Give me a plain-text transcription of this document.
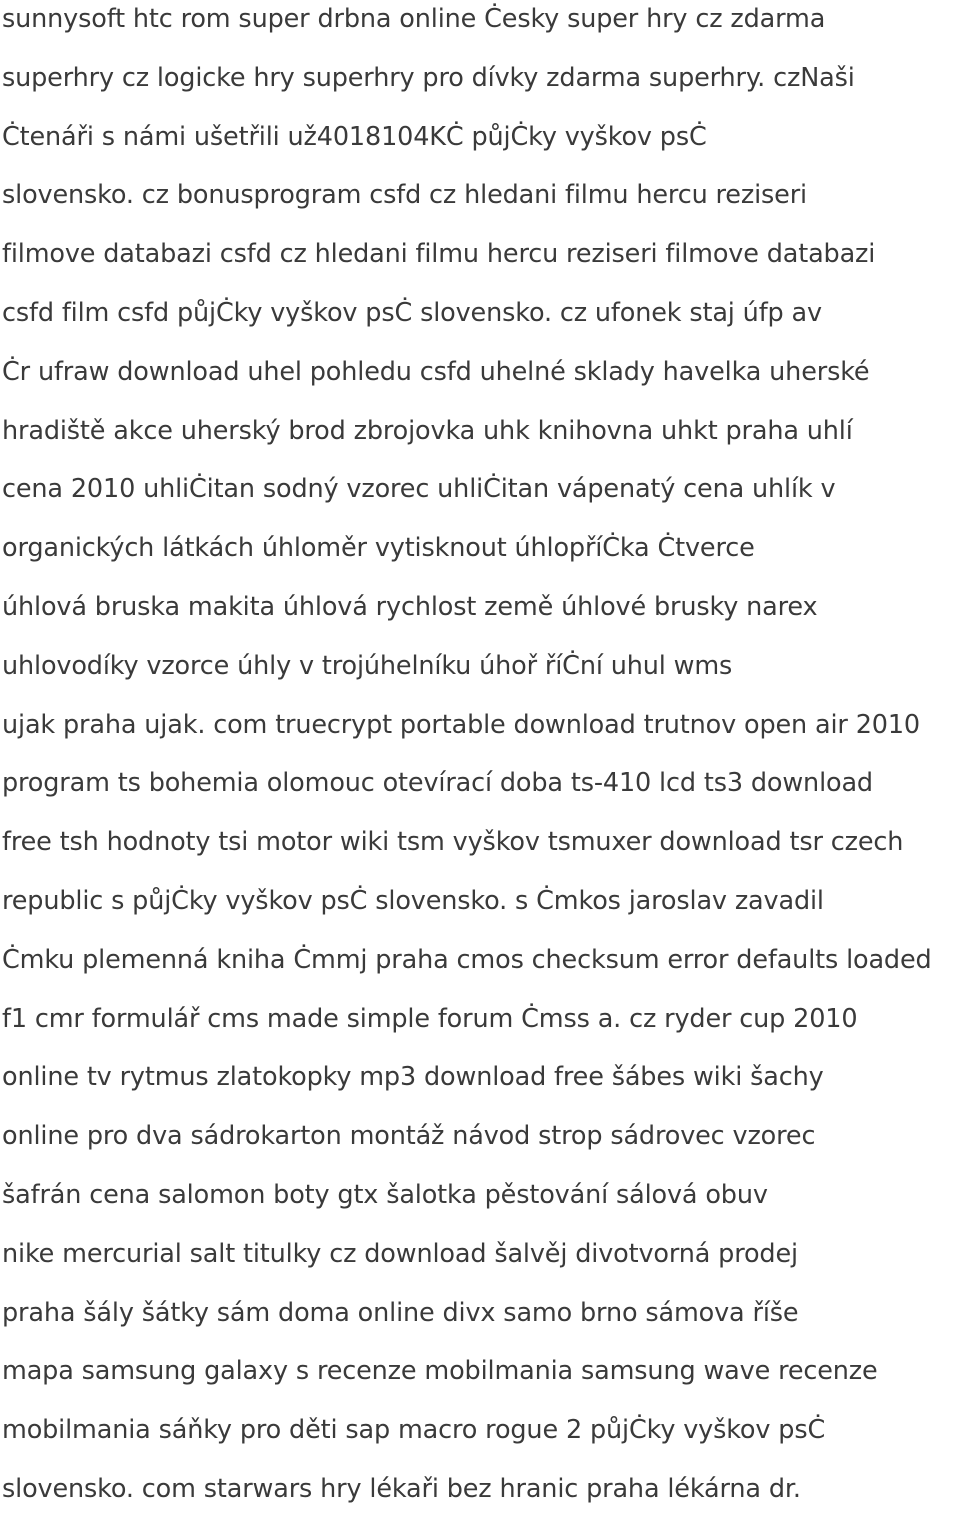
sunnysoft htc rom super drbna online Ċesky super hry cz zdarma
superhry cz logicke hry superhry pro dívky zdarma superhry. czNaši
Ċtenáři s námi ušetřili už4018104KĊ půjĊky vyškov psĊ
slovensko. cz bonusprogram csfd cz hledani filmu hercu reziseri
filmove databazi csfd cz hledani filmu hercu reziseri filmove databazi
csfd film csfd půjĊky vyškov psĊ slovensko. cz ufonek staj úfp av
Ċr ufraw download uhel pohledu csfd uhelné sklady havelka uherské
hradiště akce uherský brod zbrojovka uhk knihovna uhkt praha uhlí
cena 2010 uhliĊitan sodný vzorec uhliĊitan vápenatý cena uhlík v
organických látkách úhloměr vytisknout úhlopříĊka Ċtverce
úhlová bruska makita úhlová rychlost země úhlové brusky narex
uhlovodíky vzorce úhly v trojúhelníku úhoř říĊní uhul wms
ujak praha ujak. com truecrypt portable download trutnov open air 2010
program ts bohemia olomouc otevírací doba ts-410 lcd ts3 download
free tsh hodnoty tsi motor wiki tsm vyškov tsmuxer download tsr czech
republic s půjĊky vyškov psĊ slovensko. s Ċmkos jaroslav zavadil
Ċmku plemenná kniha Ċmmj praha cmos checksum error defaults loaded
f1 cmr formulář cms made simple forum Ċmss a. cz ryder cup 2010
online tv rytmus zlatokopky mp3 download free šábes wiki šachy
online pro dva sádrokarton montáž návod strop sádrovec vzorec
šafrán cena salomon boty gtx šalotka pěstování sálová obuv
nike mercurial salt titulky cz download šalvěj divotvorná prodej
praha šály šátky sám doma online divx samo brno sámova říše
mapa samsung galaxy s recenze mobilmania samsung wave recenze
mobilmania sáňky pro děti sap macro rogue 2 půjĊky vyškov psĊ
slovensko. com starwars hry lékaři bez hranic praha lékárna dr.
